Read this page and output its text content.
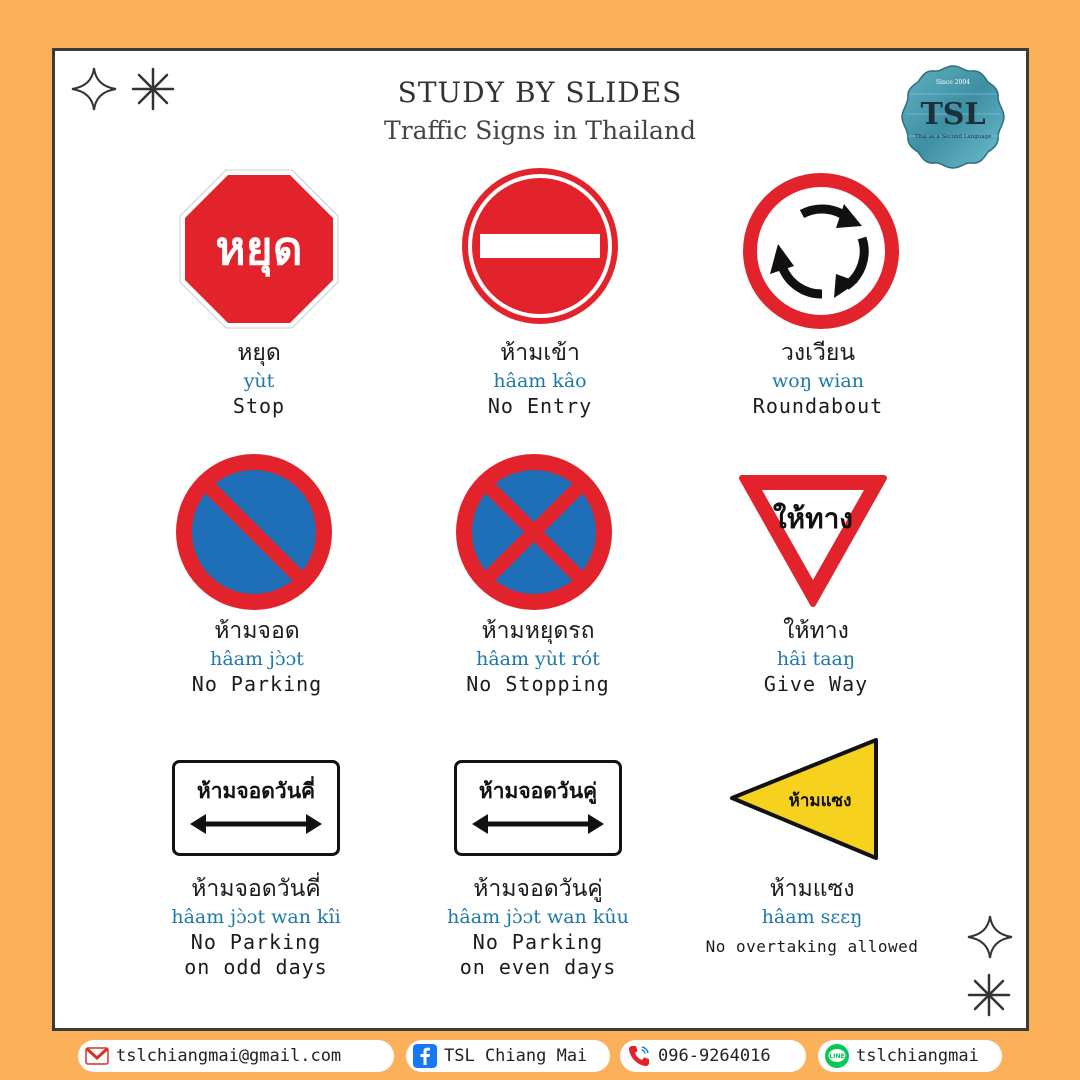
STUDY BY SLIDES
Traffic Signs in Thailand
Since 2004
TSL
Thai as a Second Language
หยุด
ให้ทาง
ห้ามจอดวันคี่	ห้ามจอดวันคู่	ห้ามแซง
หยุด
yùt
Stop
ห้ามเข้า
hâam kâo
No Entry
วงเวียน
woŋ wian
Roundabout
ห้ามจอด
hâam jɔ̀ɔt
No Parking
ห้ามหยุดรถ
hâam yùt rót
No Stopping
ให้ทาง
hâi taaŋ
Give Way
ห้ามจอดวันคี่
hâam jɔ̀ɔt wan kîi
No Parking
on odd days
ห้ามจอดวันคู่
hâam jɔ̀ɔt wan kûu
No Parking
on even days
ห้ามแซง
hâam sɛɛŋ
No overtaking allowed
tslchiangmai@gmail.com	TSL Chiang Mai	096-9264016	LINE tslchiangmai
